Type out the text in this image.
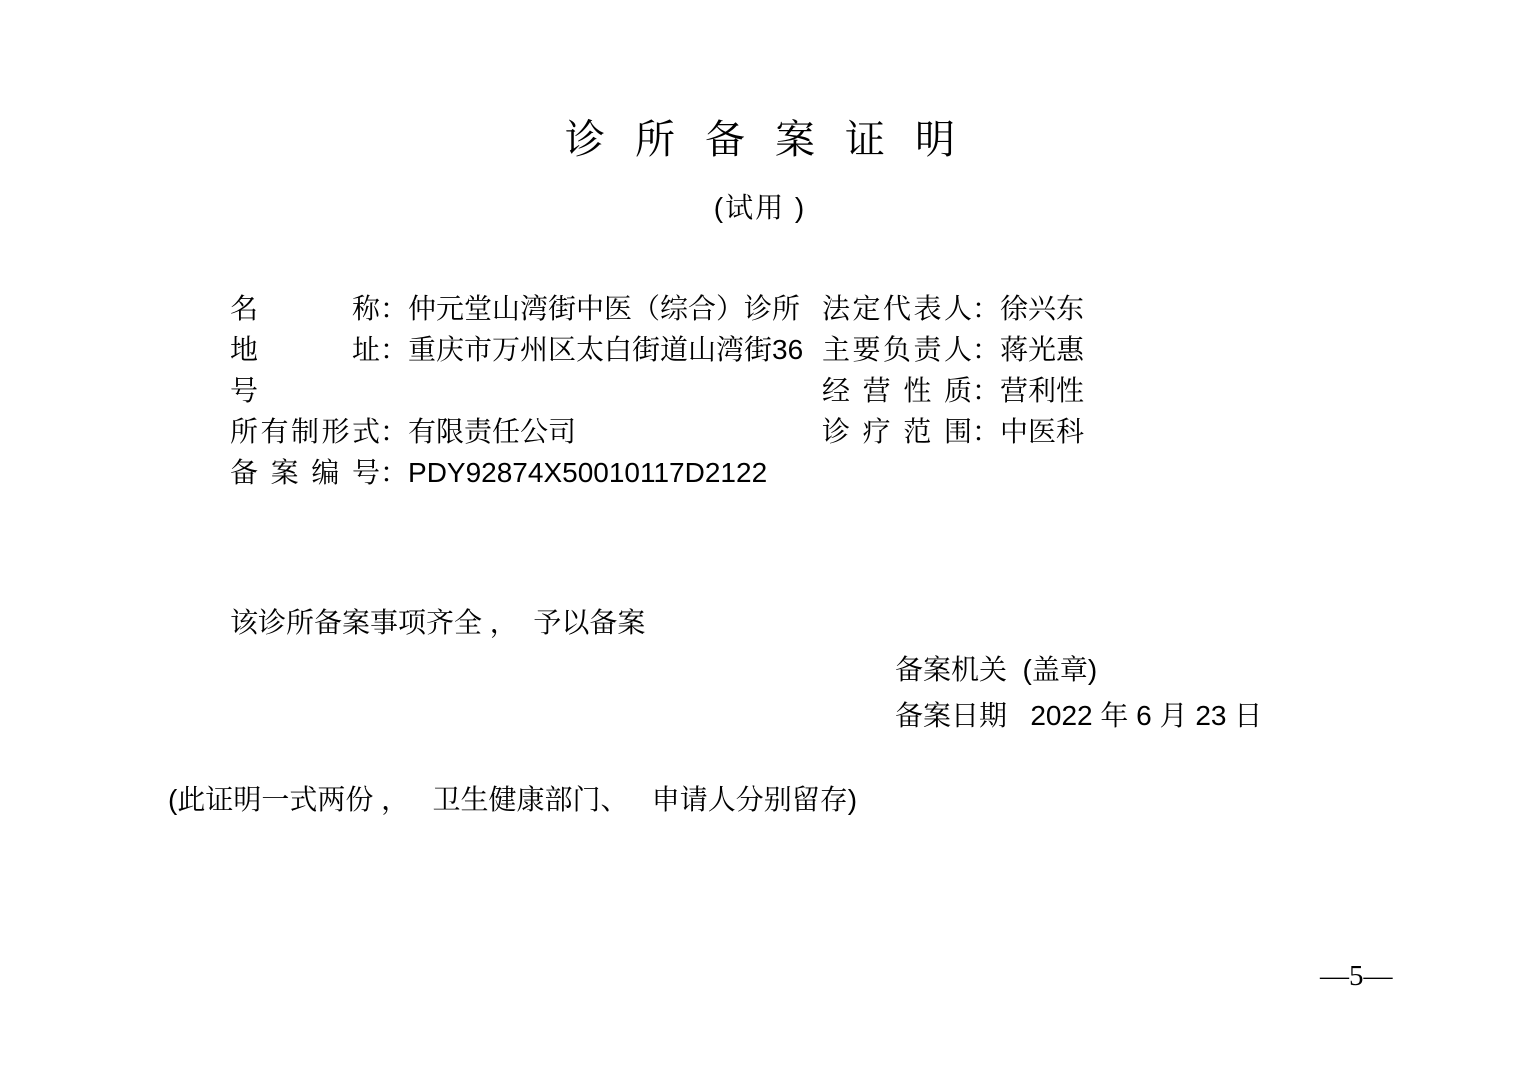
诊所备案证明
(试用 )
名称：仲元堂山湾街中医（综合）诊所 法定代表人：徐兴东
地址：重庆市万州区太白街道山湾街36 主要负责人：蒋光惠
号	经营性质：营利性
所有制形式：有限责任公司	诊疗范围：中医科
备案编号：PDY92874X50010117D2122
该诊所备案事项齐全 ，  予以备案
备案机关  (盖章)
备案日期   2022 年 6 月 23 日
(此证明一式两份 ，   卫生健康部门、   申请人分别留存)
—5—
